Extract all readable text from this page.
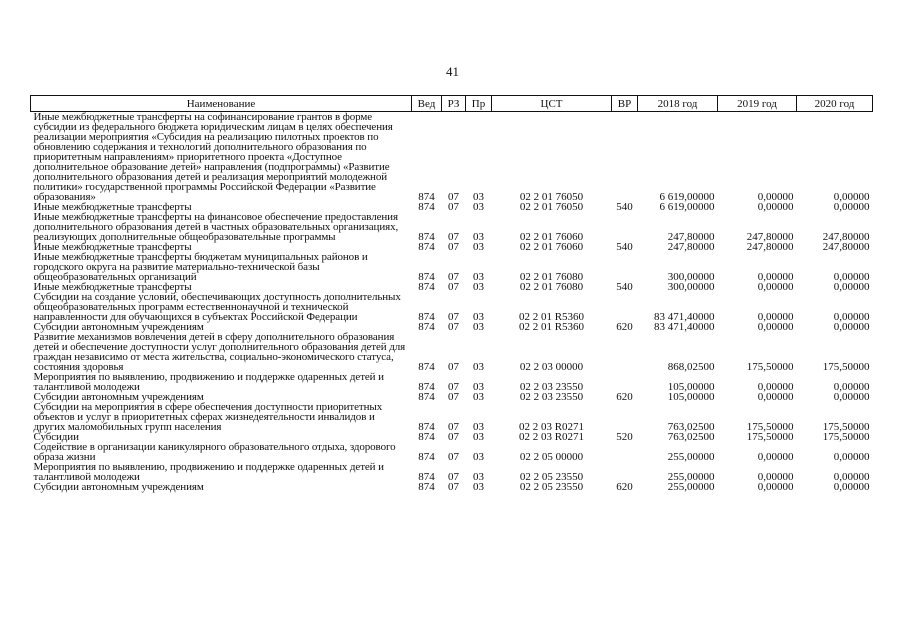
41
Наименование	Вед	РЗ	Пр	ЦСТ	ВР	2018 год	2019 год	2020 год
Иные межбюджетные трансферты на софинансирование грантов в форме субсидии из федерального бюджета юридическим лицам в целях обеспечения реализации мероприятия «Субсидия на реализацию пилотных проектов по обновлению содержания и технологий дополнительного образования по приоритетным направлениям» приоритетного проекта «Доступное дополнительное образование детей» направления (подпрограммы) «Развитие дополнительного образования детей и реализация мероприятий молодежной политики» государственной программы Российской Федерации «Развитие образования»	874	07	03	02 2 01 76050		6 619,00000	0,00000	0,00000
Иные межбюджетные трансферты	874	07	03	02 2 01 76050	540	6 619,00000	0,00000	0,00000
Иные межбюджетные трансферты на финансовое обеспечение предоставления дополнительного образования детей в частных образовательных организациях, реализующих дополнительные общеобразовательные программы	874	07	03	02 2 01 76060		247,80000	247,80000	247,80000
Иные межбюджетные трансферты	874	07	03	02 2 01 76060	540	247,80000	247,80000	247,80000
Иные межбюджетные трансферты бюджетам муниципальных районов и городского округа на развитие материально-технической базы общеобразовательных организаций	874	07	03	02 2 01 76080		300,00000	0,00000	0,00000
Иные межбюджетные трансферты	874	07	03	02 2 01 76080	540	300,00000	0,00000	0,00000
Субсидии на создание условий, обеспечивающих доступность дополнительных общеобразовательных программ естественнонаучной и технической направленности для обучающихся в субъектах Российской Федерации	874	07	03	02 2 01 R5360		83 471,40000	0,00000	0,00000
Субсидии автономным учреждениям	874	07	03	02 2 01 R5360	620	83 471,40000	0,00000	0,00000
Развитие механизмов вовлечения детей в сферу дополнительного образования детей и обеспечение доступности услуг дополнительного образования детей для граждан независимо от места жительства, социально-экономического статуса, состояния здоровья	874	07	03	02 2 03 00000		868,02500	175,50000	175,50000
Мероприятия по выявлению, продвижению и поддержке одаренных детей и талантливой молодежи	874	07	03	02 2 03 23550		105,00000	0,00000	0,00000
Субсидии автономным учреждениям	874	07	03	02 2 03 23550	620	105,00000	0,00000	0,00000
Субсидии на мероприятия в сфере обеспечения доступности приоритетных объектов и услуг в приоритетных сферах жизнедеятельности инвалидов и других маломобильных групп населения	874	07	03	02 2 03 R0271		763,02500	175,50000	175,50000
Субсидии	874	07	03	02 2 03 R0271	520	763,02500	175,50000	175,50000
Содействие в организации каникулярного образовательного отдыха, здорового образа жизни	874	07	03	02 2 05 00000		255,00000	0,00000	0,00000
Мероприятия по выявлению, продвижению и поддержке одаренных детей и талантливой молодежи	874	07	03	02 2 05 23550		255,00000	0,00000	0,00000
Субсидии автономным учреждениям	874	07	03	02 2 05 23550	620	255,00000	0,00000	0,00000
